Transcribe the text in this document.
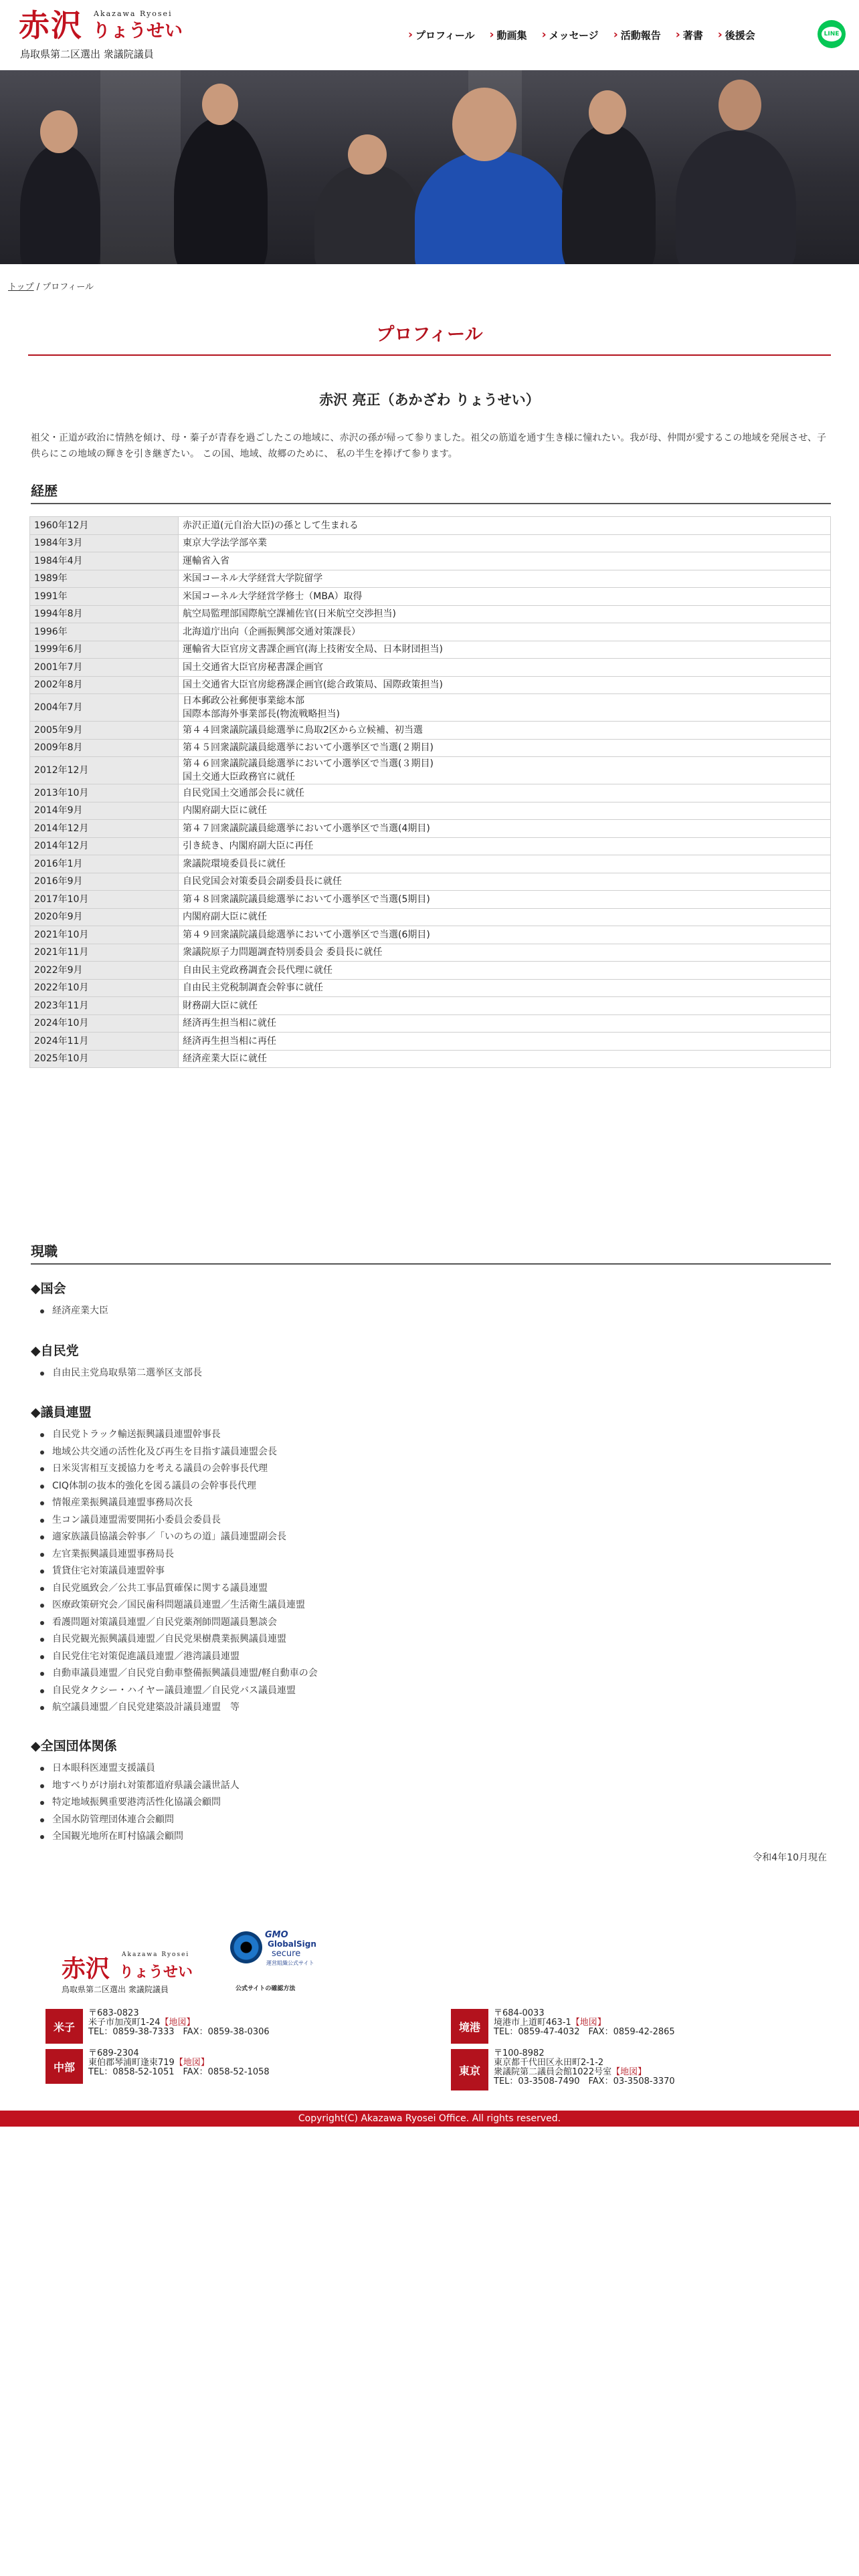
赤沢 Akazawa Ryosei
りょうせい
鳥取県第二区選出 衆議院議員
› プロフィール › 動画集 › メッセージ › 活動報告 › 著書 › 後援会	LINE
トップ / プロフィール
プロフィール
赤沢 亮正（あかざわ りょうせい）

祖父・正道が政治に情熱を傾け、母・蓁子が青春を過ごしたこの地域に、赤沢の孫が帰って参りました。祖父の筋道を通す生き様に憧れたい。我が母、仲間が愛するこの地域を発展させ、子供らにこの地域の輝きを引き継ぎたい。 この国、地域、故郷のために、 私の半生を捧げて参ります。

経歴
1960年12月	赤沢正道(元自治大臣)の孫として生まれる

1984年3月	東京大学法学部卒業

1984年4月	運輸省入省

1989年	米国コーネル大学経営大学院留学

1991年	米国コーネル大学経営学修士（MBA）取得

1994年8月	航空局監理部国際航空課補佐官(日米航空交渉担当)

1996年	北海道庁出向（企画振興部交通対策課長）

1999年6月	運輸省大臣官房文書課企画官(海上技術安全局、日本財団担当)

2001年7月	国土交通省大臣官房秘書課企画官

2002年8月	国土交通省大臣官房総務課企画官(総合政策局、国際政策担当)

2004年7月	日本郵政公社郵便事業総本部
国際本部海外事業部長(物流戦略担当)

2005年9月	第４４回衆議院議員総選挙に鳥取2区から立候補、初当選

2009年8月	第４５回衆議院議員総選挙において小選挙区で当選(２期目)

2012年12月	第４６回衆議院議員総選挙において小選挙区で当選(３期目)
国土交通大臣政務官に就任

2013年10月	自民党国土交通部会長に就任

2014年9月	内閣府副大臣に就任

2014年12月	第４７回衆議院議員総選挙において小選挙区で当選(4期目)

2014年12月	引き続き、内閣府副大臣に再任

2016年1月	衆議院環境委員長に就任

2016年9月	自民党国会対策委員会副委員長に就任

2017年10月	第４８回衆議院議員総選挙において小選挙区で当選(5期目)

2020年9月	内閣府副大臣に就任

2021年10月	第４９回衆議院議員総選挙において小選挙区で当選(6期目)

2021年11月	衆議院原子力問題調査特別委員会 委員長に就任

2022年9月	自由民主党政務調査会長代理に就任

2022年10月	自由民主党税制調査会幹事に就任

2023年11月	財務副大臣に就任

2024年10月	経済再生担当相に就任

2024年11月	経済再生担当相に再任

2025年10月	経済産業大臣に就任
現職
◆国会
経済産業大臣
◆自民党
自由民主党鳥取県第二選挙区支部長
◆議員連盟
自民党トラック輸送振興議員連盟幹事長
地域公共交通の活性化及び再生を目指す議員連盟会長
日米災害相互支援協力を考える議員の会幹事長代理
CIQ体制の抜本的強化を図る議員の会幹事長代理
情報産業振興議員連盟事務局次長
生コン議員連盟需要開拓小委員会委員長
適家族議員協議会幹事／「いのちの道」議員連盟副会長
左官業振興議員連盟事務局長
賃貸住宅対策議員連盟幹事
自民党風致会／公共工事品質確保に関する議員連盟
医療政策研究会／国民歯科問題議員連盟／生活衛生議員連盟
看護問題対策議員連盟／自民党薬剤師問題議員懇談会
自民党観光振興議員連盟／自民党果樹農業振興議員連盟
自民党住宅対策促進議員連盟／港湾議員連盟
自動車議員連盟／自民党自動車整備振興議員連盟/軽自動車の会
自民党タクシー・ハイヤー議員連盟／自民党バス議員連盟
航空議員連盟／自民党建築設計議員連盟　等
◆全国団体関係
日本眼科医連盟支援議員
地すべりがけ崩れ対策都道府県議会議世話人
特定地域振興重要港湾活性化協議会顧問
全国水防管理団体連合会顧問
全国観光地所在町村協議会顧問
令和4年10月現在
赤沢 Akazawa Ryosei
りょうせい
鳥取県第二区選出 衆議院議員
GMO
GlobalSign
secure
運営組織公式サイト
公式サイトの確認方法
米子
〒683-0823
米子市加茂町1-24【地図】
TEL：0859-38-7333　FAX：0859-38-0306	境港
〒684-0033
境港市上道町463-1【地図】
TEL：0859-47-4032　FAX：0859-42-2865
中部
〒689-2304
東伯郡琴浦町逢束719【地図】
TEL：0858-52-1051　FAX：0858-52-1058	東京
〒100-8982
東京都千代田区永田町2-1-2
衆議院第二議員会館1022号室【地図】
TEL：03-3508-7490　FAX：03-3508-3370
Copyright(C) Akazawa Ryosei Office. All rights reserved.
